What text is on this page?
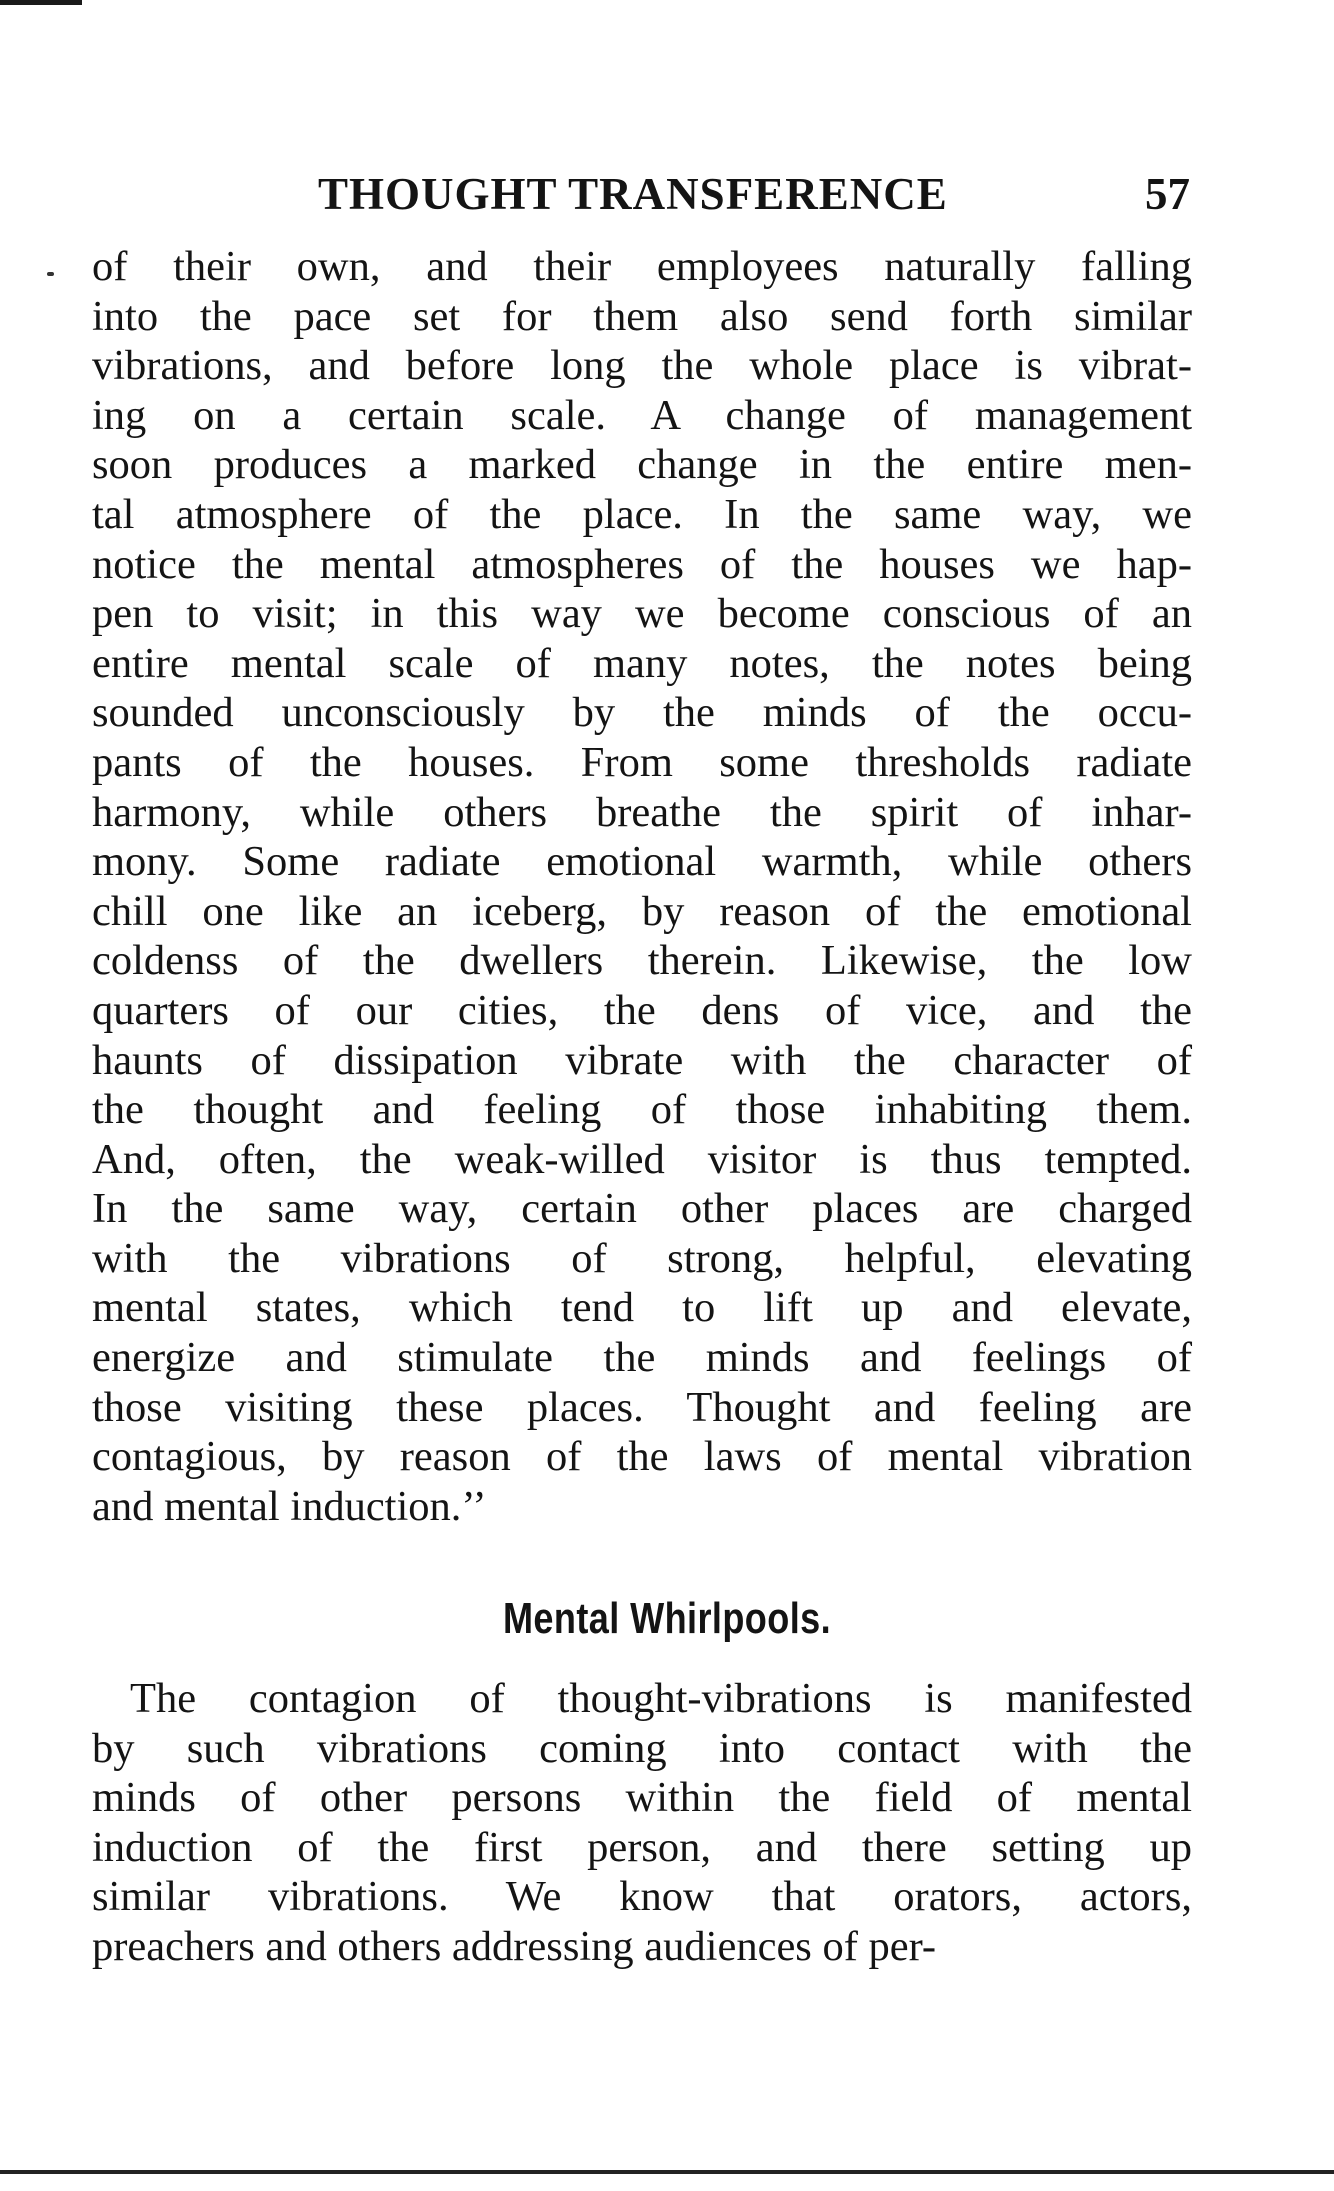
THOUGHT TRANSFERENCE	57

of their own, and their employees naturally falling

into the pace set for them also send forth similar

vibrations, and before long the whole place is vibrat-

ing on a certain scale. A change of management

soon produces a marked change in the entire men-

tal atmosphere of the place. In the same way, we

notice the mental atmospheres of the houses we hap-

pen to visit; in this way we become conscious of an

entire mental scale of many notes, the notes being

sounded unconsciously by the minds of the occu-

pants of the houses. From some thresholds radiate

harmony, while others breathe the spirit of inhar-

mony. Some radiate emotional warmth, while others

chill one like an iceberg, by reason of the emotional

coldenss of the dwellers therein. Likewise, the low

quarters of our cities, the dens of vice, and the

haunts of dissipation vibrate with the character of

the thought and feeling of those inhabiting them.

And, often, the weak-willed visitor is thus tempted.

In the same way, certain other places are charged

with the vibrations of strong, helpful, elevating

mental states, which tend to lift up and elevate,

energize and stimulate the minds and feelings of

those visiting these places. Thought and feeling are

contagious, by reason of the laws of mental vibration

and mental induction.’’

Mental Whirlpools.

The contagion of thought-vibrations is manifested

by such vibrations coming into contact with the

minds of other persons within the field of mental

induction of the first person, and there setting up

similar vibrations. We know that orators, actors,

preachers and others addressing audiences of per-
